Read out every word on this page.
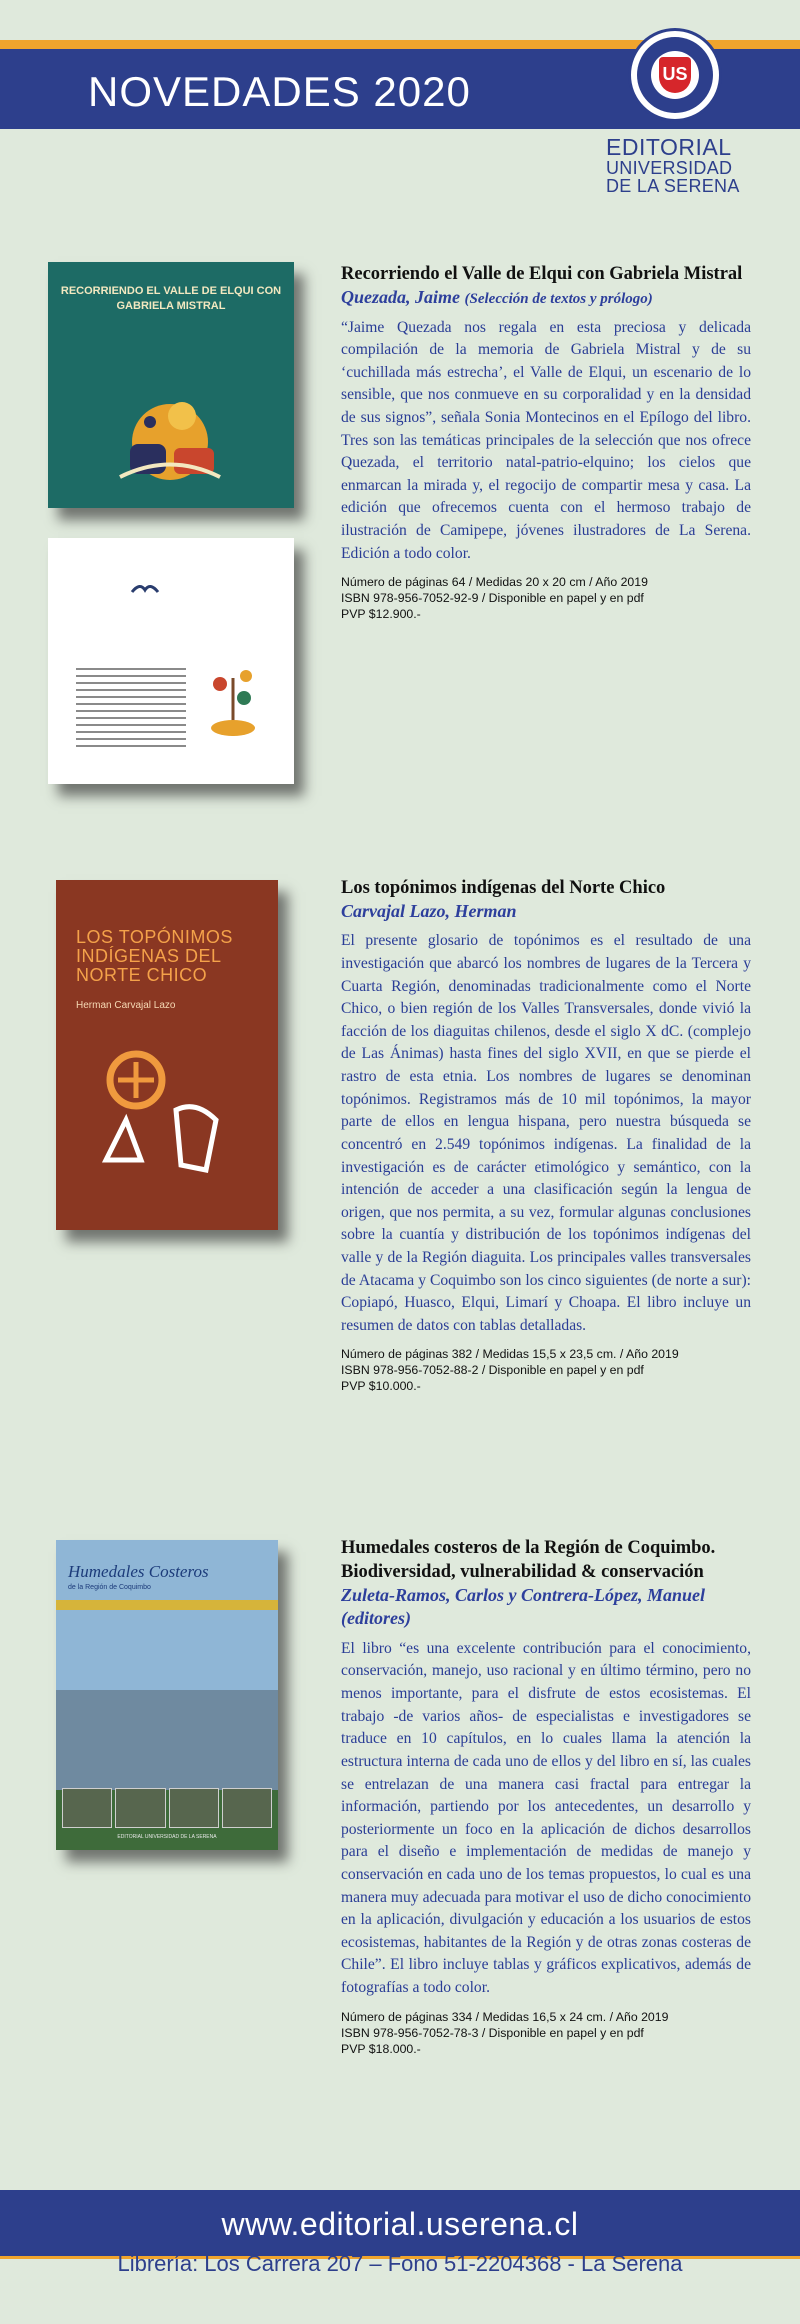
NOVEDADES 2020	US
EDITORIAL
UNIVERSIDAD
DE LA SERENA
RECORRIENDO EL VALLE DE ELQUI CON GABRIELA MISTRAL
Recorriendo el Valle de Elqui con Gabriela Mistral
Quezada, Jaime (Selección de textos y prólogo)
“Jaime Quezada nos regala en esta preciosa y delicada compilación de la memoria de Gabriela Mistral y de su ‘cuchillada más estrecha’, el Valle de Elqui, un escenario de lo sensible, que nos conmueve en su corporalidad y en la densidad de sus signos”, señala Sonia Montecinos en el Epílogo del libro. Tres son las temáticas principales de la selección que nos ofrece Quezada, el territorio natal-patrio-elquino; los cielos que enmarcan la mirada y, el regocijo de compartir mesa y casa. La edición que ofrecemos cuenta con el hermoso trabajo de ilustración de Camipepe, jóvenes ilustradores de La Serena. Edición a todo color.
Número de páginas 64 / Medidas 20 x 20 cm / Año 2019
ISBN 978-956-7052-92-9 / Disponible en papel y en pdf
PVP $12.900.-
LOS TOPÓNIMOS INDÍGENAS DEL NORTE CHICO
Herman Carvajal Lazo
Los topónimos indígenas del Norte Chico
Carvajal Lazo, Herman
El presente glosario de topónimos es el resultado de una investigación que abarcó los nombres de lugares de la Tercera y Cuarta Región, denominadas tradicionalmente como el Norte Chico, o bien región de los Valles Transversales, donde vivió la facción de los diaguitas chilenos, desde el siglo X dC. (complejo de Las Ánimas) hasta fines del siglo XVII, en que se pierde el rastro de esta etnia. Los nombres de lugares se denominan topónimos. Registramos más de 10 mil topónimos, la mayor parte de ellos en lengua hispana, pero nuestra búsqueda se concentró en 2.549 topónimos indígenas. La finalidad de la investigación es de carácter etimológico y semántico, con la intención de acceder a una clasificación según la lengua de origen, que nos permita, a su vez, formular algunas conclusiones sobre la cuantía y distribución de los topónimos indígenas del valle y de la Región diaguita. Los principales valles transversales de Atacama y Coquimbo son los cinco siguientes (de norte a sur): Copiapó, Huasco, Elqui, Limarí y Choapa. El libro incluye un resumen de datos con tablas detalladas.
Número de páginas 382 / Medidas 15,5 x 23,5 cm. / Año 2019
ISBN 978-956-7052-88-2 / Disponible en papel y en pdf
PVP $10.000.-
Humedales Costeros
de la Región de Coquimbo
EDITORIAL UNIVERSIDAD DE LA SERENA
Humedales costeros de la Región de Coquimbo. Biodiversidad, vulnerabilidad & conservación
Zuleta-Ramos, Carlos y Contrera-López, Manuel (editores)
El libro “es una excelente contribución para el conocimiento, conservación, manejo, uso racional y en último término, pero no menos importante, para el disfrute de estos ecosistemas. El trabajo -de varios años- de especialistas e investigadores se traduce en 10 capítulos, en lo cuales llama la atención la estructura interna de cada uno de ellos y del libro en sí, las cuales se entrelazan de una manera casi fractal para entregar la información, partiendo por los antecedentes, un desarrollo y posteriormente un foco en la aplicación de dichos desarrollos para el diseño e implementación de medidas de manejo y conservación en cada uno de los temas propuestos, lo cual es una manera muy adecuada para motivar el uso de dicho conocimiento en la aplicación, divulgación y educación a los usuarios de estos ecosistemas, habitantes de la Región y de otras zonas costeras de Chile”. El libro incluye tablas y gráficos explicativos, además de fotografías a todo color.
Número de páginas 334 / Medidas 16,5 x 24 cm. / Año 2019
ISBN 978-956-7052-78-3 / Disponible en papel y en pdf
PVP $18.000.-
www.editorial.userena.cl
Librería: Los Carrera 207 – Fono 51-2204368 - La Serena
